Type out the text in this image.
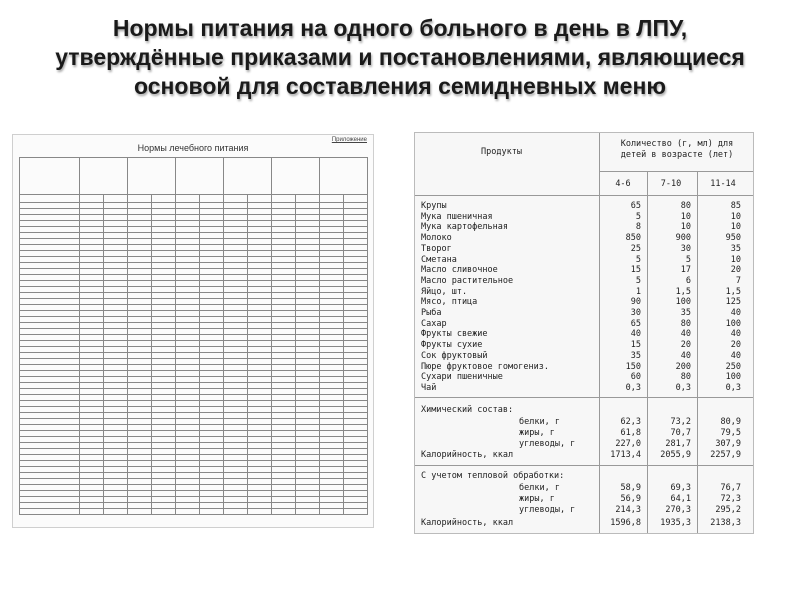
Нормы питания на одного больного в день в ЛПУ, утверждённые приказами и постановлениями, являющиеся основой для составления семидневных меню
Приложение
Нормы лечебного питания

													Продукты
Количество (г, мл) для детей в возрасте (лет)
4-6	7-10	11-14
Крупы	65	80	85
Мука пшеничная	5	10	10
Мука картофельная	8	10	10
Молоко	850	900	950
Творог	25	30	35
Сметана	5	5	10
Масло сливочное	15	17	20
Масло растительное	5	6	7
Яйцо, шт.	1	1,5	1,5
Мясо, птица	90	100	125
Рыба	30	35	40
Сахар	65	80	100
Фрукты свежие	40	40	40
Фрукты сухие	15	20	20
Сок фруктовый	35	40	40
Пюре фруктовое гомогениз.	150	200	250
Сухари пшеничные	60	80	100
Чай	0,3	0,3	0,3
Химический состав:
белки, г	62,3	73,2	80,9
жиры, г	61,8	70,7	79,5
углеводы, г	227,0	281,7	307,9
Калорийность, ккал	1713,4	2055,9	2257,9
С учетом тепловой обработки:
белки, г	58,9	69,3	76,7
жиры, г	56,9	64,1	72,3
углеводы, г	214,3	270,3	295,2
Калорийность, ккал	1596,8	1935,3	2138,3
